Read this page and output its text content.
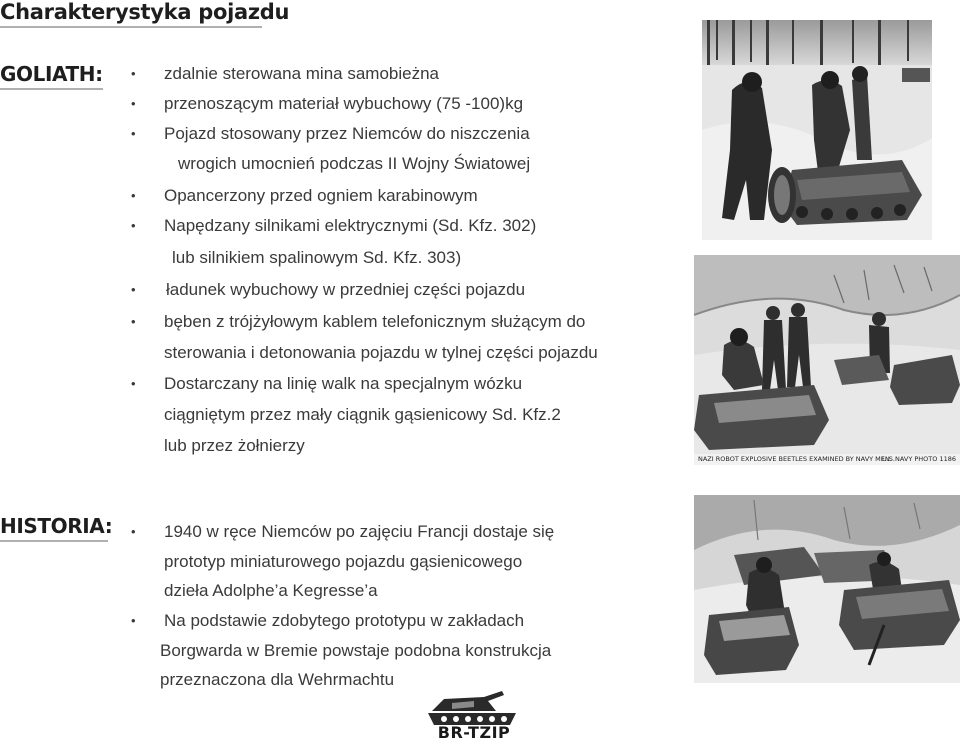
Charakterystyka pojazdu
GOLIATH: • zdalnie sterowana mina samobieżna
• przenoszącym materiał wybuchowy (75 -100)kg
• Pojazd stosowany przez Niemców do niszczenia
wrogich umocnień podczas II Wojny Światowej
• Opancerzony przed ogniem karabinowym
• Napędzany silnikami elektrycznymi (Sd. Kfz. 302)
lub silnikiem spalinowym Sd. Kfz. 303)
• ładunek wybuchowy w przedniej części pojazdu
• bęben z trójżyłowym kablem telefonicznym służącym do
sterowania i detonowania pojazdu w tylnej części pojazdu
• Dostarczany na linię walk na specjalnym wózku
ciągniętym przez mały ciągnik gąsienicowy Sd. Kfz.2
lub przez żołnierzy
HISTORIA: • 1940 w ręce Niemców po zajęciu Francji dostaje się
prototyp miniaturowego pojazdu gąsienicowego
dzieła Adolphe’a Kegresse’a
• Na podstawie zdobytego prototypu w zakładach
Borgwarda w Bremie powstaje podobna konstrukcja
przeznaczona dla Wehrmachtu
NAZI ROBOT EXPLOSIVE BEETLES EXAMINED BY NAVY MEN.
U.S.NAVY PHOTO 1186
BR-TZIP
